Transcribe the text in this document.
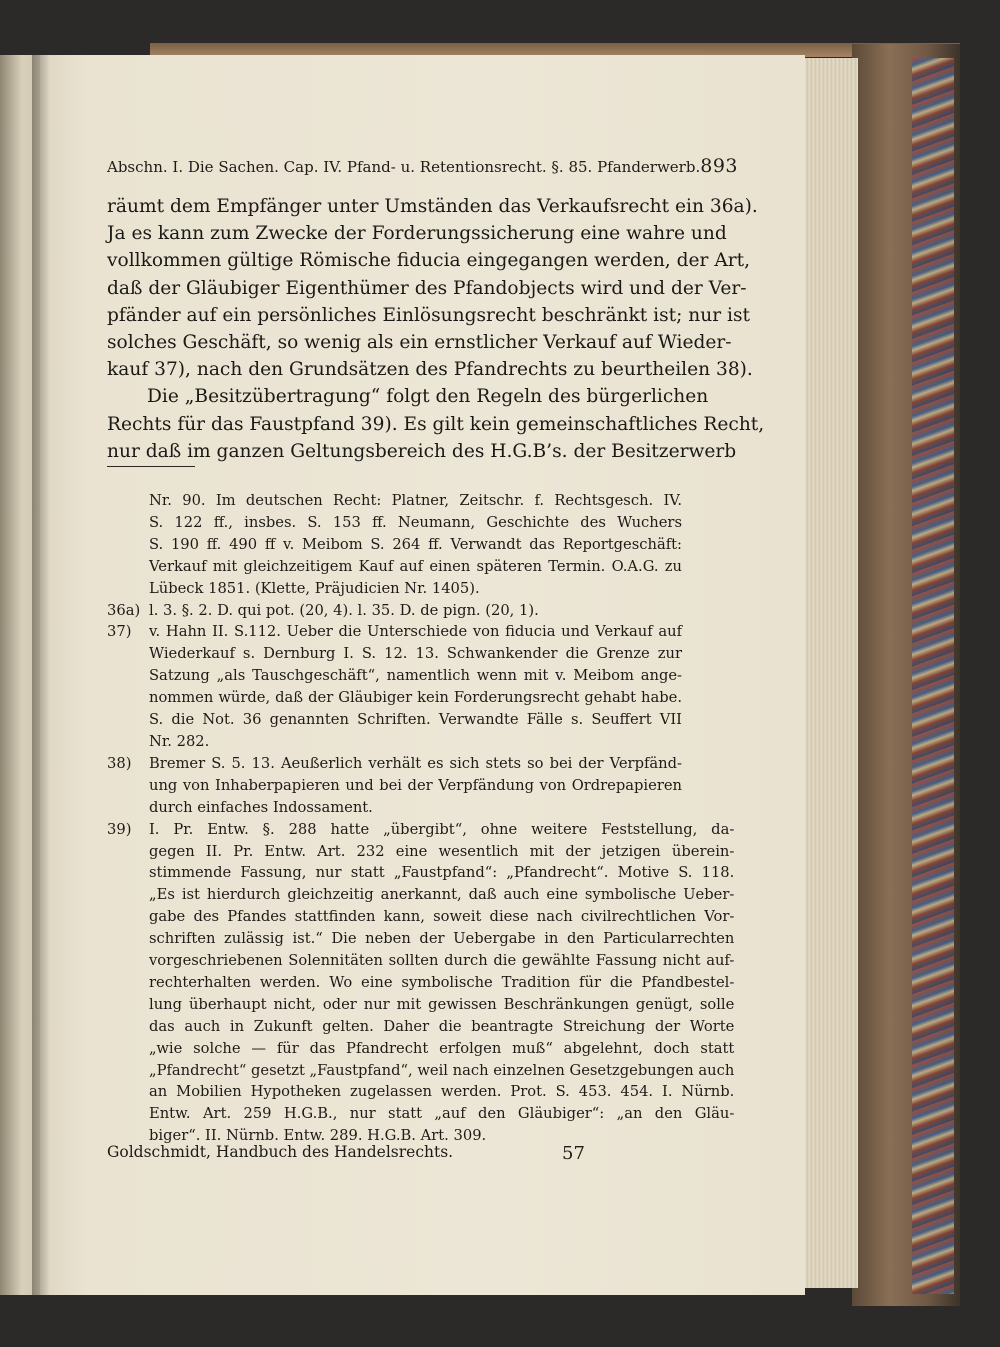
Abschn. I. Die Sachen. Cap. IV. Pfand- u. Retentionsrecht. §. 85. Pfanderwerb. 893
räumt dem Empfänger unter Umständen das Verkaufsrecht ein 36a).
Ja es kann zum Zwecke der Forderungssicherung eine wahre und
vollkommen gültige Römische fiducia eingegangen werden, der Art,
daß der Gläubiger Eigenthümer des Pfandobjects wird und der Ver-
pfänder auf ein persönliches Einlösungsrecht beschränkt ist; nur ist
solches Geschäft, so wenig als ein ernstlicher Verkauf auf Wieder-
kauf 37), nach den Grundsätzen des Pfandrechts zu beurtheilen 38).
Die „Besitzübertragung“ folgt den Regeln des bürgerlichen
Rechts für das Faustpfand 39). Es gilt kein gemeinschaftliches Recht,
nur daß im ganzen Geltungsbereich des H.G.B’s. der Besitzerwerb
Nr. 90. Im deutschen Recht: Platner, Zeitschr. f. Rechtsgesch. IV.
S. 122 ff., insbes. S. 153 ff. Neumann, Geschichte des Wuchers
S. 190 ff. 490 ff v. Meibom S. 264 ff. Verwandt das Reportgeschäft:
Verkauf mit gleichzeitigem Kauf auf einen späteren Termin. O.A.G. zu
Lübeck 1851. (Klette, Präjudicien Nr. 1405).
36a) l. 3. §. 2. D. qui pot. (20, 4). l. 35. D. de pign. (20, 1).
37)	v. Hahn II. S.112. Ueber die Unterschiede von fiducia und Verkauf auf
Wiederkauf s. Dernburg I. S. 12. 13. Schwankender die Grenze zur
Satzung „als Tauschgeschäft“, namentlich wenn mit v. Meibom ange-
nommen würde, daß der Gläubiger kein Forderungsrecht gehabt habe.
S. die Not. 36 genannten Schriften. Verwandte Fälle s. Seuffert VII
Nr. 282.
38)	Bremer S. 5. 13. Aeußerlich verhält es sich stets so bei der Verpfänd-
ung von Inhaberpapieren und bei der Verpfändung von Ordrepapieren
durch einfaches Indossament.
39)	I. Pr. Entw. §. 288 hatte „übergibt“, ohne weitere Feststellung, da-
gegen II. Pr. Entw. Art. 232 eine wesentlich mit der jetzigen überein-
stimmende Fassung, nur statt „Faustpfand“: „Pfandrecht“. Motive S. 118.
„Es ist hierdurch gleichzeitig anerkannt, daß auch eine symbolische Ueber-
gabe des Pfandes stattfinden kann, soweit diese nach civilrechtlichen Vor-
schriften zulässig ist.“ Die neben der Uebergabe in den Particularrechten
vorgeschriebenen Solennitäten sollten durch die gewählte Fassung nicht auf-
rechterhalten werden. Wo eine symbolische Tradition für die Pfandbestel-
lung überhaupt nicht, oder nur mit gewissen Beschränkungen genügt, solle
das auch in Zukunft gelten. Daher die beantragte Streichung der Worte
„wie solche — für das Pfandrecht erfolgen muß“ abgelehnt, doch statt
„Pfandrecht“ gesetzt „Faustpfand“, weil nach einzelnen Gesetzgebungen auch
an Mobilien Hypotheken zugelassen werden. Prot. S. 453. 454. I. Nürnb.
Entw. Art. 259 H.G.B., nur statt „auf den Gläubiger“: „an den Gläu-
biger“. II. Nürnb. Entw. 289. H.G.B. Art. 309.
Goldschmidt, Handbuch des Handelsrechts.	57
